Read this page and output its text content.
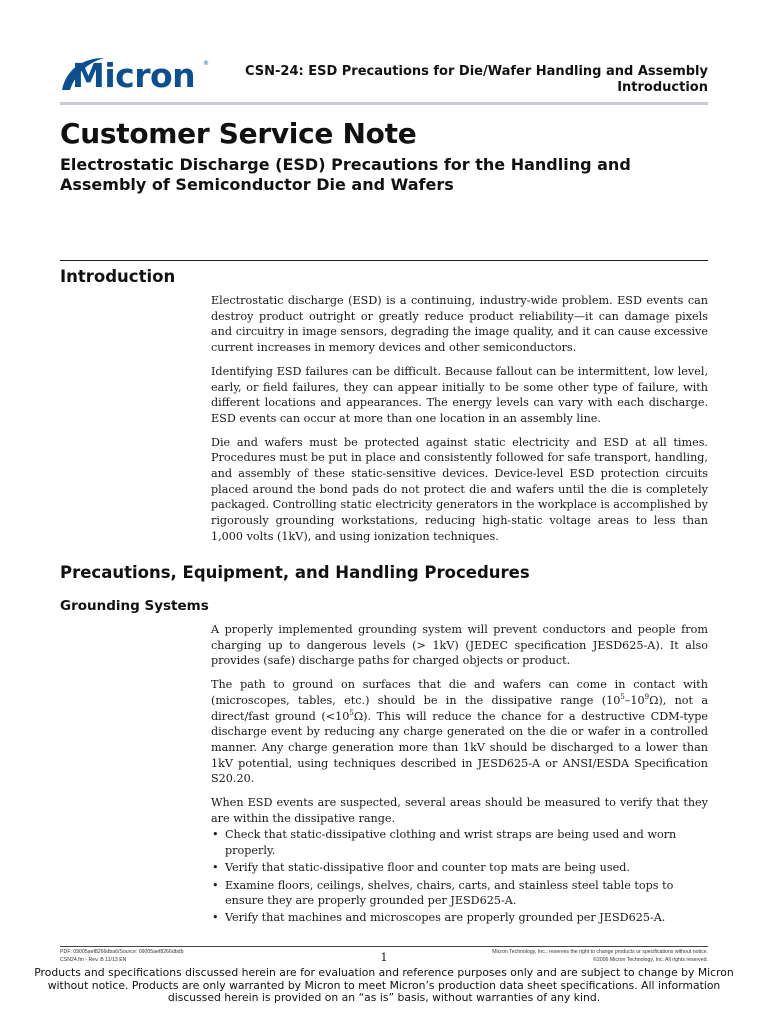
Micron ®
CSN-24: ESD Precautions for Die/Wafer Handling and Assembly
Introduction
Customer Service Note
Electrostatic Discharge (ESD) Precautions for the Handling and
Assembly of Semiconductor Die and Wafers
Introduction

Electrostatic discharge (ESD) is a continuing, industry-wide problem. ESD events can destroy product outright or greatly reduce product reliability—it can damage pixels and circuitry in image sensors, degrading the image quality, and it can cause excessive current increases in memory devices and other semiconductors.

Identifying ESD failures can be difficult. Because fallout can be intermittent, low level, early, or field failures, they can appear initially to be some other type of failure, with different locations and appearances. The energy levels can vary with each discharge. ESD events can occur at more than one location in an assembly line.

Die and wafers must be protected against static electricity and ESD at all times. Procedures must be put in place and consistently followed for safe transport, handling, and assembly of these static-sensitive devices. Device-level ESD protection circuits placed around the bond pads do not protect die and wafers until the die is completely packaged. Controlling static electricity generators in the workplace is accomplished by rigorously grounding workstations, reducing high-static voltage areas to less than 1,000 volts (1kV), and using ionization techniques.

Precautions, Equipment, and Handling Procedures
Grounding Systems

A properly implemented grounding system will prevent conductors and people from charging up to dangerous levels (> 1kV) (JEDEC specification JESD625-A). It also provides (safe) discharge paths for charged objects or product.

The path to ground on surfaces that die and wafers can come in contact with (microscopes, tables, etc.) should be in the dissipative range $(10^5-10^9\Omega)$, not a direct/fast ground $(<10^5\Omega)$. This will reduce the chance for a destructive CDM-type discharge event by reducing any charge generated on the die or wafer in a controlled manner. Any charge generation more than 1kV should be discharged to a lower than 1kV potential, using techniques described in JESD625-A or ANSI/ESDA Specification S20.20.

When ESD events are suspected, several areas should be measured to verify that they are within the dissipative range.

• Check that static-dissipative clothing and wrist straps are being used and worn properly.
• Verify that static-dissipative floor and counter top mats are being used.
• Examine floors, ceilings, shelves, chairs, carts, and stainless steel table tops to ensure they are properly grounded per JESD625-A.
• Verify that machines and microscopes are properly grounded per JESD625-A.
PDF: 09005aef8266dba6/Source: 09005aef8266dbdb
CSN24.fm - Rev. B 11/13 EN	1	Micron Technology, Inc., reserves the right to change products or specifications without notice.
©2006 Micron Technology, Inc. All rights reserved.
Products and specifications discussed herein are for evaluation and reference purposes only and are subject to change by Micron without notice. Products are only warranted by Micron to meet Micron’s production data sheet specifications. All information discussed herein is provided on an “as is” basis, without warranties of any kind.
